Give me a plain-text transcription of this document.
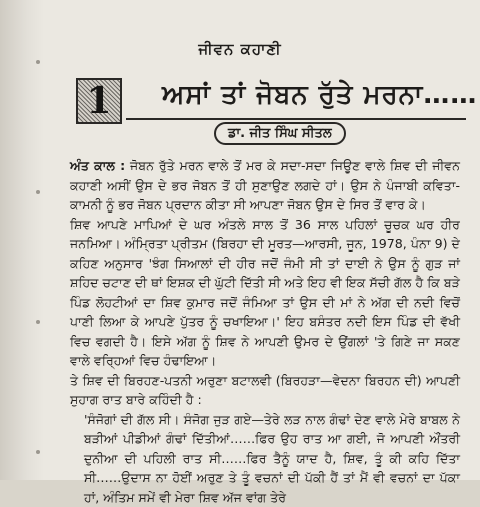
ਜੀਵਨ ਕਹਾਣੀ
1 ਅਸਾਂ ਤਾਂ ਜੋਬਨ ਰੁੱਤੇ ਮਰਨਾ……
ਡਾ. ਜੀਤ ਸਿੰਘ ਸੀਤਲ

ਅੰਤ ਕਾਲ : ਜੋਬਨ ਰੁੱਤੇ ਮਰਨ ਵਾਲੇ ਤੋਂ ਮਰ ਕੇ ਸਦਾ-ਸਦਾ ਜਿਊਣ ਵਾਲੇ ਸ਼ਿਵ ਦੀ ਜੀਵਨ ਕਹਾਣੀ ਅਸੀਂ ਉਸ ਦੇ ਭਰ ਜੋਬਨ ਤੋਂ ਹੀ ਸੁਣਾਉਣ ਲਗਦੇ ਹਾਂ। ਉਸ ਨੇ ਪੰਜਾਬੀ ਕਵਿਤਾ-ਕਾਮਨੀ ਨੂੰ ਭਰ ਜੋਬਨ ਪ੍ਰਦਾਨ ਕੀਤਾ ਸੀ ਆਪਣਾ ਜੋਬਨ ਉਸ ਦੇ ਸਿਰ ਤੋਂ ਵਾਰ ਕੇ।

ਸ਼ਿਵ ਆਪਣੇ ਮਾਪਿਆਂ ਦੇ ਘਰ ਅੰਤਲੇ ਸਾਲ ਤੋਂ 36 ਸਾਲ ਪਹਿਲਾਂ ਚੂਚਕ ਘਰ ਹੀਰ ਜਨਮਿਆ। ਅੰਮ੍ਰਿਤਾ ਪ੍ਰੀਤਮ (ਬਿਰਹਾ ਦੀ ਮੂਰਤ—ਆਰਸੀ, ਜੂਨ, 1978, ਪੰਨਾ 9) ਦੇ ਕਹਿਣ ਅਨੁਸਾਰ 'ਝੰਗ ਸਿਆਲਾਂ ਦੀ ਹੀਰ ਜਦੋਂ ਜੰਮੀ ਸੀ ਤਾਂ ਦਾਈ ਨੇ ਉਸ ਨੂੰ ਗੁੜ ਜਾਂ ਸ਼ਹਿਦ ਚਟਾਣ ਦੀ ਥਾਂ ਇਸ਼ਕ ਦੀ ਘੁੱਟੀ ਦਿੱਤੀ ਸੀ ਅਤੇ ਇਹ ਵੀ ਇਕ ਸੱਚੀ ਗੱਲ ਹੈ ਕਿ ਬੜੇ ਪਿੰਡ ਲੋਹਟੀਆਂ ਦਾ ਸ਼ਿਵ ਕੁਮਾਰ ਜਦੋਂ ਜੰਮਿਆ ਤਾਂ ਉਸ ਦੀ ਮਾਂ ਨੇ ਅੱਗ ਦੀ ਨਦੀ ਵਿਚੋਂ ਪਾਣੀ ਲਿਆ ਕੇ ਆਪਣੇ ਪੁੱਤਰ ਨੂੰ ਚਖਾਇਆ।' ਇਹ ਬਸੰਤਰ ਨਦੀ ਇਸ ਪਿੰਡ ਦੀ ਵੱਖੀ ਵਿਚ ਵਗਦੀ ਹੈ। ਇਸੇ ਅੱਗ ਨੂੰ ਸ਼ਿਵ ਨੇ ਆਪਣੀ ਉਮਰ ਦੇ ਉਂਗਲਾਂ 'ਤੇ ਗਿਣੇ ਜਾ ਸਕਣ ਵਾਲੇ ਵਰ੍ਹਿਆਂ ਵਿਚ ਹੰਢਾਇਆ।

ਤੇ ਸ਼ਿਵ ਦੀ ਬਿਰਹਣ-ਪਤਨੀ ਅਰੁਣਾ ਬਟਾਲਵੀ (ਬਿਰਹੜਾ—ਵੇਦਨਾ ਬਿਰਹਨ ਦੀ) ਆਪਣੀ ਸੁਹਾਗ ਰਾਤ ਬਾਰੇ ਕਹਿੰਦੀ ਹੈ :

'ਸੰਜੋਗਾਂ ਦੀ ਗੱਲ ਸੀ। ਸੰਜੋਗ ਜੁੜ ਗਏ—ਤੇਰੇ ਲੜ ਨਾਲ ਗੰਢਾਂ ਦੇਣ ਵਾਲੇ ਮੇਰੇ ਬਾਬਲ ਨੇ ਬੜੀਆਂ ਪੀਡੀਆਂ ਗੰਢਾਂ ਦਿੱਤੀਆਂ……ਫਿਰ ਉਹ ਰਾਤ ਆ ਗਈ, ਜੋ ਆਪਣੀ ਔਂਤਰੀ ਦੁਨੀਆ ਦੀ ਪਹਿਲੀ ਰਾਤ ਸੀ……ਫਿਰ ਤੈਨੂੰ ਯਾਦ ਹੈ, ਸ਼ਿਵ, ਤੂੰ ਕੀ ਕਹਿ ਦਿੱਤਾ ਸੀ……ਉਦਾਸ ਨਾ ਹੋਈਂ ਅਰੁਣ ਤੇ ਤੂੰ ਵਚਨਾਂ ਦੀ ਪੱਕੀ ਹੈਂ ਤਾਂ ਮੈਂ ਵੀ ਵਚਨਾਂ ਦਾ ਪੱਕਾ ਹਾਂ, ਅੰਤਿਮ ਸਮੇਂ ਵੀ ਮੇਰਾ ਸ਼ਿਵ ਅੱਜ ਵਾਂਗ ਤੇਰੇ
